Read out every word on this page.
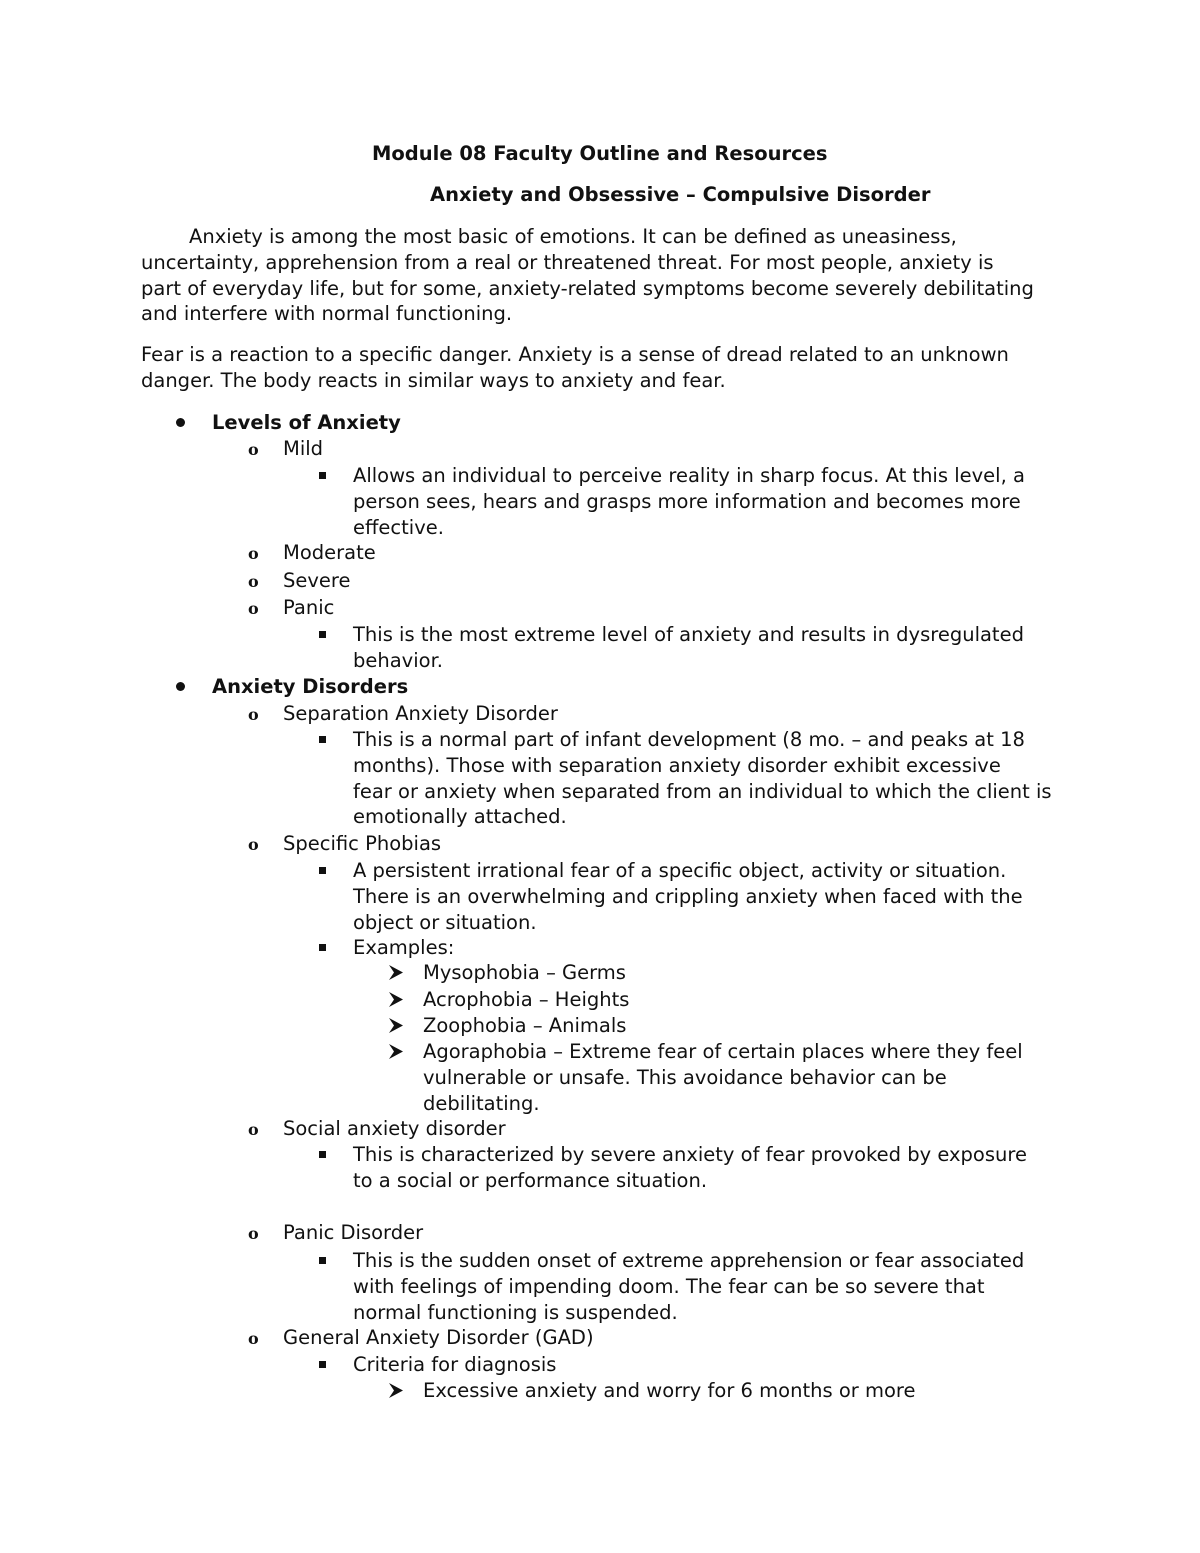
Module 08 Faculty Outline and Resources
Anxiety and Obsessive – Compulsive Disorder
Anxiety is among the most basic of emotions. It can be defined as uneasiness,
uncertainty, apprehension from a real or threatened threat. For most people, anxiety is
part of everyday life, but for some, anxiety-related symptoms become severely debilitating
and interfere with normal functioning.
Fear is a reaction to a specific danger. Anxiety is a sense of dread related to an unknown
danger. The body reacts in similar ways to anxiety and fear.
Levels of Anxiety
o Mild
Allows an individual to perceive reality in sharp focus. At this level, a
person sees, hears and grasps more information and becomes more
effective.
o Moderate
o Severe
o Panic
This is the most extreme level of anxiety and results in dysregulated
behavior.
Anxiety Disorders
o Separation Anxiety Disorder
This is a normal part of infant development (8 mo. – and peaks at 18
months). Those with separation anxiety disorder exhibit excessive
fear or anxiety when separated from an individual to which the client is
emotionally attached.
o Specific Phobias
A persistent irrational fear of a specific object, activity or situation.
There is an overwhelming and crippling anxiety when faced with the
object or situation.
Examples:
Mysophobia – Germs
Acrophobia – Heights
Zoophobia – Animals
Agoraphobia – Extreme fear of certain places where they feel
vulnerable or unsafe. This avoidance behavior can be
debilitating.
o Social anxiety disorder
This is characterized by severe anxiety of fear provoked by exposure
to a social or performance situation.
o Panic Disorder
This is the sudden onset of extreme apprehension or fear associated
with feelings of impending doom. The fear can be so severe that
normal functioning is suspended.
o General Anxiety Disorder (GAD)
Criteria for diagnosis
Excessive anxiety and worry for 6 months or more
